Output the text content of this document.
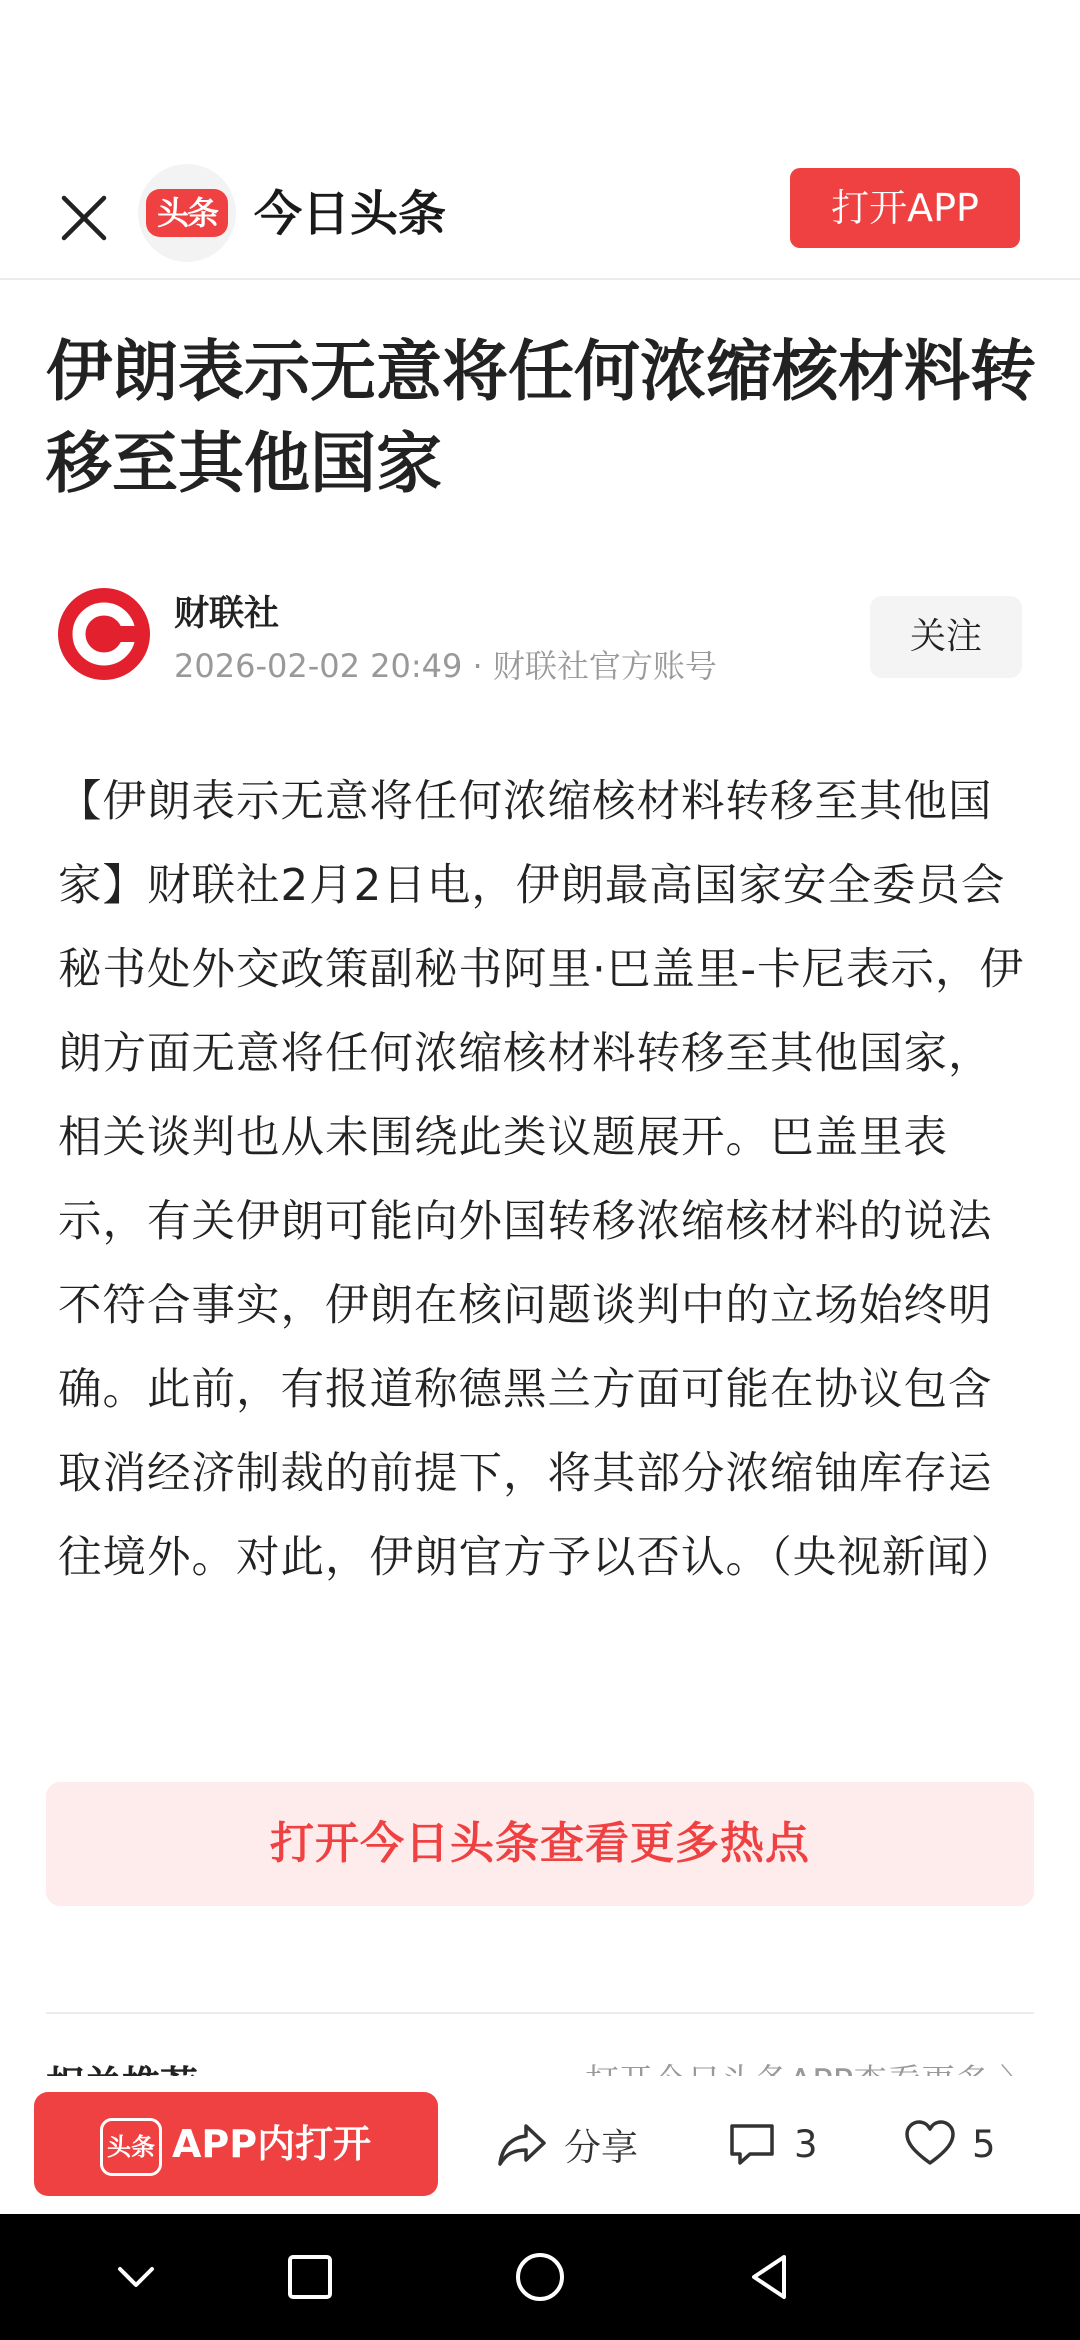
头条 今日头条	打开APP
伊朗表示无意将任何浓缩核材料转移至其他国家
财联社
2026-02-02 20:49 · 财联社官方账号
关注
【伊朗表示无意将任何浓缩核材料转移至其他国家】财联社2月2日电，伊朗最高国家安全委员会秘书处外交政策副秘书阿里·巴盖里-卡尼表示，伊朗方面无意将任何浓缩核材料转移至其他国家，相关谈判也从未围绕此类议题展开。巴盖里表示，有关伊朗可能向外国转移浓缩核材料的说法不符合事实，伊朗在核问题谈判中的立场始终明确。此前，有报道称德黑兰方面可能在协议包含取消经济制裁的前提下，将其部分浓缩铀库存运往境外。对此，伊朗官方予以否认。（央视新闻）
打开今日头条查看更多热点
头条 APP内打开	分享	3	5
